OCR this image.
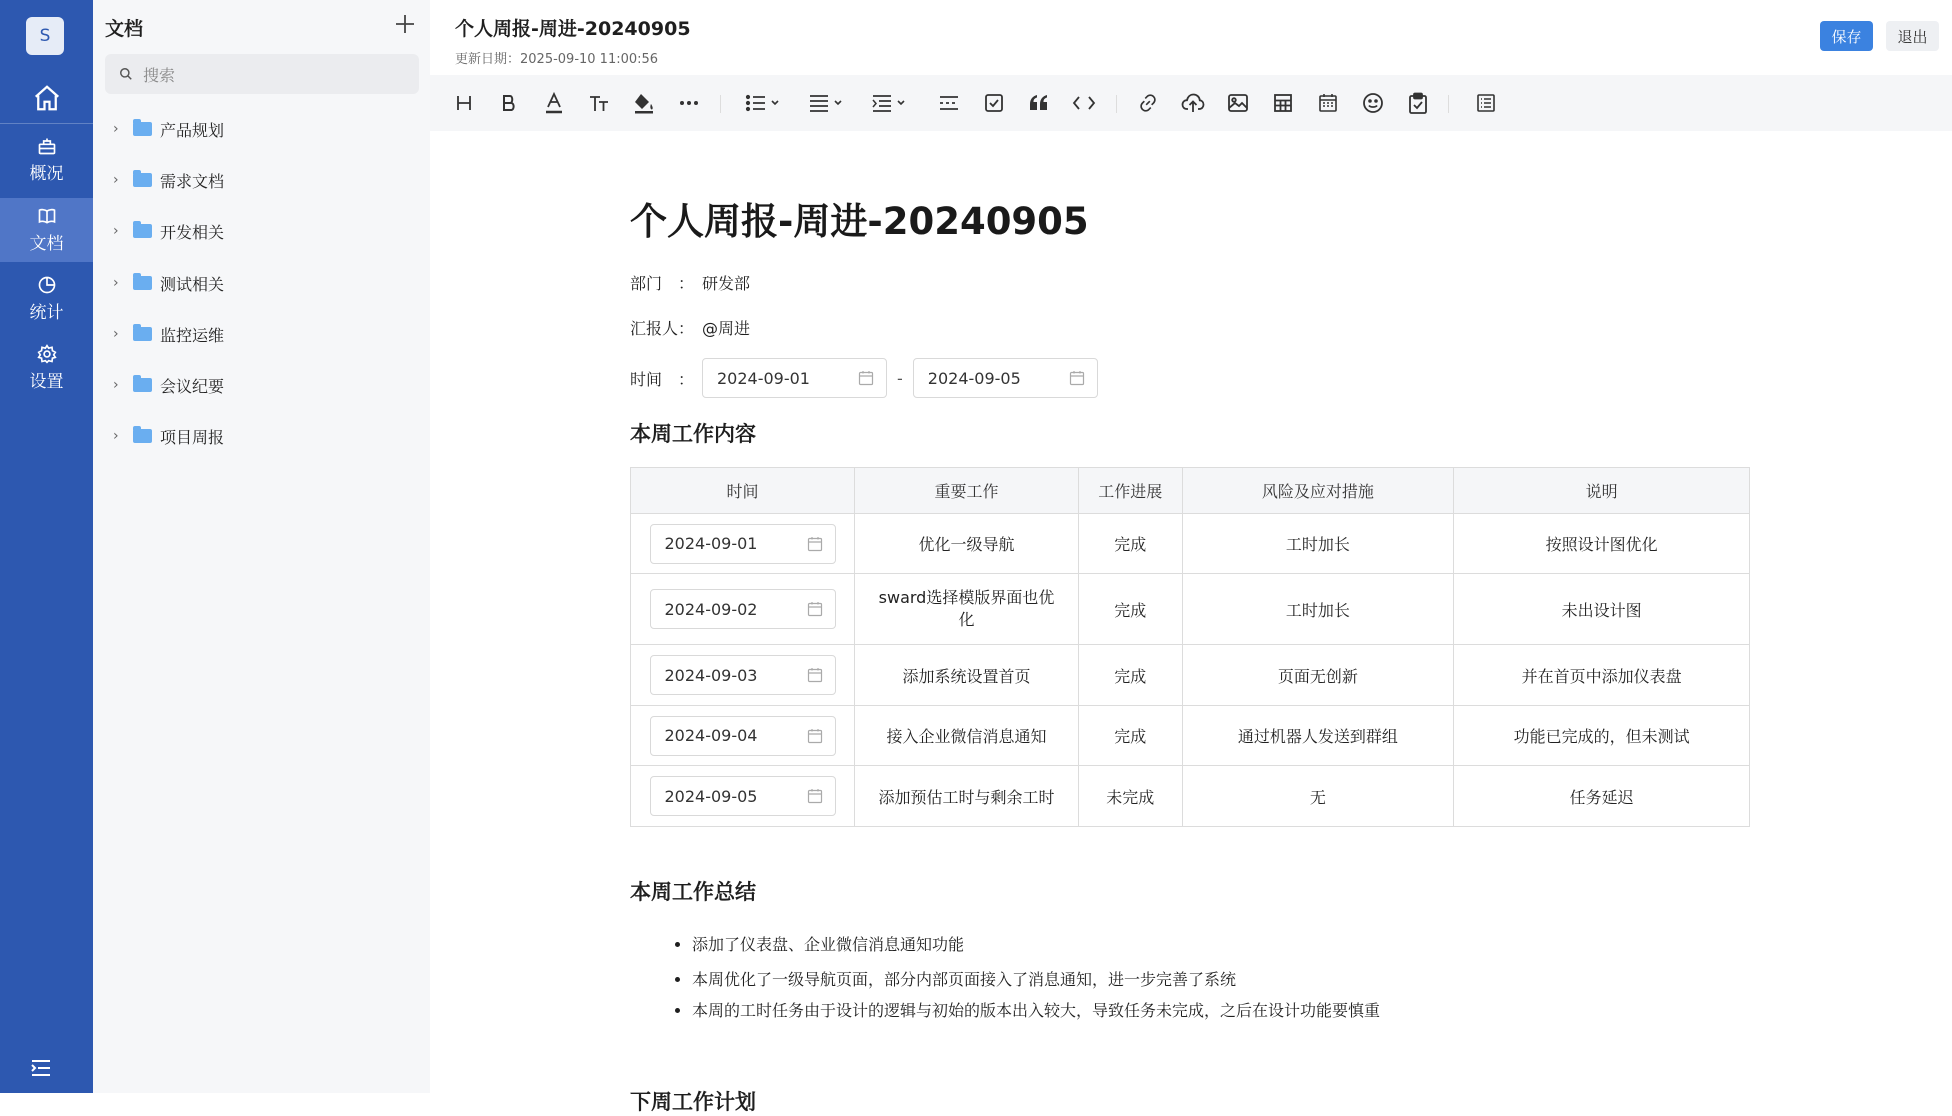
S
概况
文档
统计
设置
文档
搜索
›	产品规划
›	需求文档
›	开发相关
›	测试相关
›	监控运维
›	会议纪要
›	项目周报
个人周报-周进-20240905
更新日期：2025-09-10 11:00:56
保存	退出
个人周报-周进-20240905
部门　： 研发部
汇报人： @周进
时间　：	2024-09-01	- 2024-09-05
本周工作内容
时间	重要工作	工作进展	风险及应对措施	说明

2024-09-01	优化一级导航	完成	工时加长	按照设计图优化

2024-09-02	sward选择模版界面也优化	完成	工时加长	未出设计图

2024-09-03	添加系统设置首页	完成	页面无创新	并在首页中添加仪表盘

2024-09-04	接入企业微信消息通知	完成	通过机器人发送到群组	功能已完成的，但未测试

2024-09-05	添加预估工时与剩余工时	未完成	无	任务延迟
本周工作总结
• 添加了仪表盘、企业微信消息通知功能
• 本周优化了一级导航页面，部分内部页面接入了消息通知，进一步完善了系统
• 本周的工时任务由于设计的逻辑与初始的版本出入较大，导致任务未完成，之后在设计功能要慎重
下周工作计划
